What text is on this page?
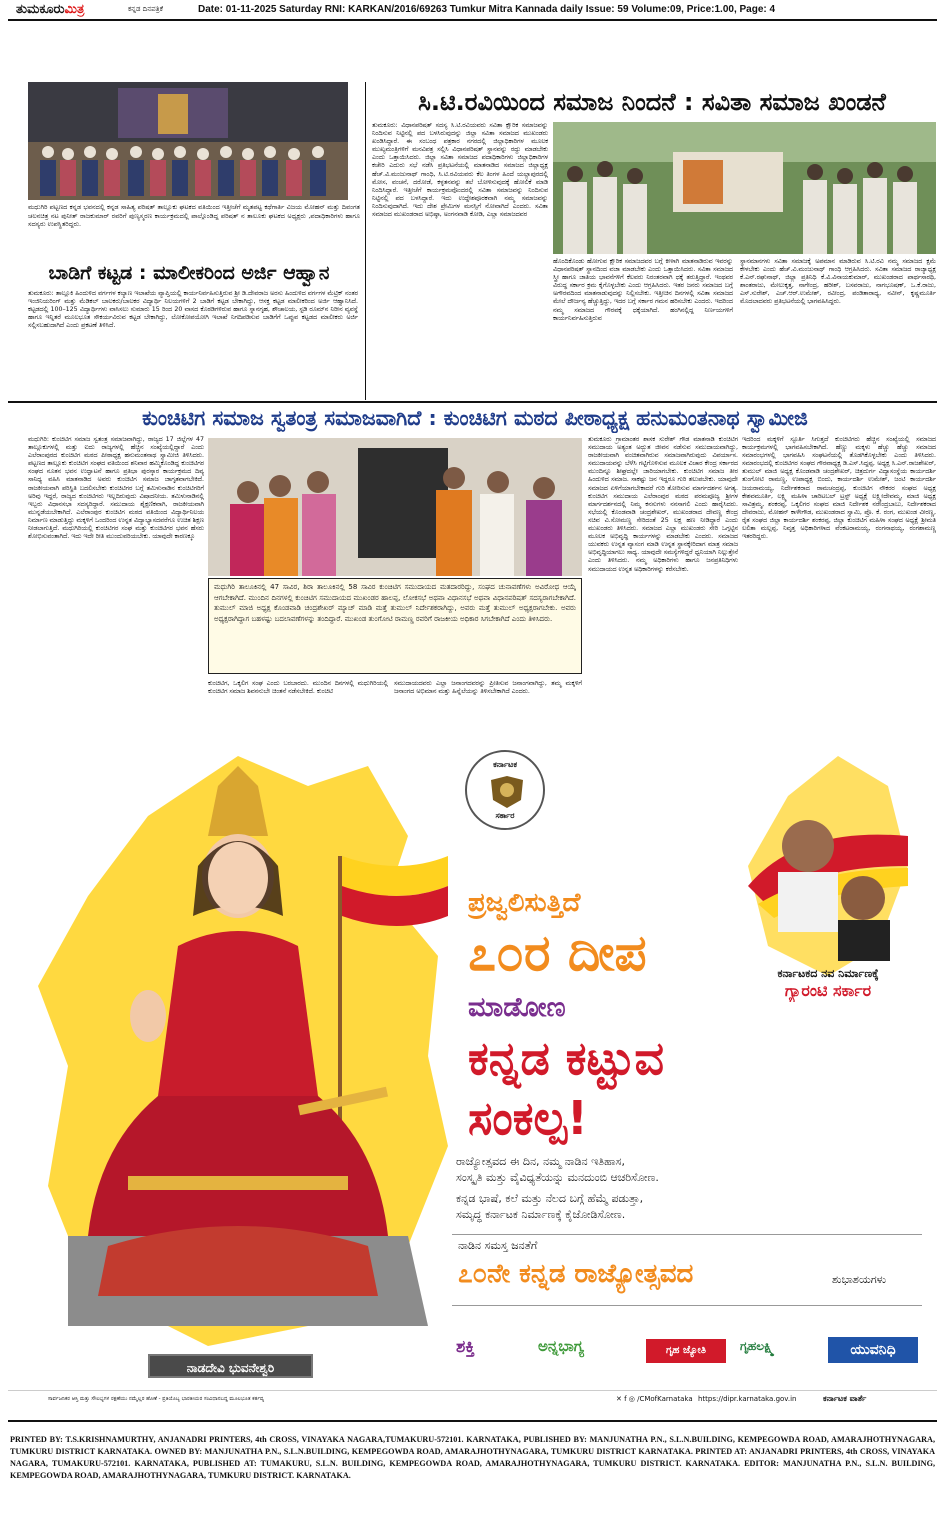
ತುಮಕೂರುಮಿತ್ರ	ಕನ್ನಡ ದಿನಪತ್ರಿಕೆ	Date: 01-11-2025 Saturday RNI: KARKAN/2016/69263 Tumkur Mitra Kannada daily Issue: 59 Volume:09, Price:1.00, Page: 4
ಮಧುಗಿರಿ ಪಟ್ಟಣದ ಕನ್ನಡ ಭವನದಲ್ಲಿ ಕನ್ನಡ ಸಾಹಿತ್ಯ ಪರಿಷತ್ ತಾಲ್ಲೂಕು ಘಟಕದ ವತಿಯಿಂದ ಇತ್ತೀಚೆಗೆ ಮೃತಪಟ್ಟ ಕಥೆಗಾರ್ತಿ ವಿಜಯ ಮೋಹನ್ ಮತ್ತು ದಿವಂಗತ ಚಲನಚಿತ್ರ ನಟ ಪುನೀತ್ ರಾಜಕುಮಾರ್ ರವರಿಗೆ ಪುಣ್ಯಸ್ಮರಣ ಕಾರ್ಯಕ್ರಮದಲ್ಲಿ ಪಾಲ್ಗೊಂಡಿದ್ದ ಪರಿಷತ್ ನ ತಾಲೂಕು ಘಟಕದ ಅಧ್ಯಕ್ಷರು ,ಪದಾಧಿಕಾರಿಗಳು ಹಾಗೂ ಸದಸ್ಯರು ಉಪಸ್ಥಿತರಿದ್ದರು.
ಬಾಡಿಗೆ ಕಟ್ಟಡ : ಮಾಲೀಕರಿಂದ ಅರ್ಜಿ ಆಹ್ವಾನ
ತುಮಕೂರು: ತಾಲ್ಲೂಕಿ ಹಿಂದುಳಿದ ವರ್ಗಗಳ ಕಲ್ಯಾಣ ಇಲಾಖೆಯ ವ್ಯಾಪ್ತಿಯಲ್ಲಿ ಕಾರ್ಯನಿರ್ವಹಿಸುತ್ತಿರುವ ಶ್ರೀ ಡಿ.ದೇವರಾಜ ಅರಸು ಹಿಂದುಳಿದ ವರ್ಗಗಳ ಮೆಟ್ರಿಕ್ ನಂತರ ಇಂಜಿನಿಯರಿಂಗ್ ಮತ್ತು ಮೆಡಿಕಲ್ ಬಾಲಕರು/ಬಾಲಕರ ವಿದ್ಯಾರ್ಥಿ ನಿಲಯಗಳಿಗೆ 2 ಬಾಡಿಗೆ ಕಟ್ಟಡ ಬೇಕಾಗಿದ್ದು, ಆಸಕ್ತ ಕಟ್ಟಡ ಮಾಲೀಕರಿಂದ ಅರ್ಜಿ ಆಹ್ವಾನಿಸಿದೆ. ಕಟ್ಟಡದಲ್ಲಿ 100–125 ವಿದ್ಯಾರ್ಥಿಗಳು ವಾಸಿಸಲು ಸುಮಾರು 15 ರಿಂದ 20 ವಾಸದ ಕೊಠಡಿಗಳಿರುವ ಹಾಗೂ ಸ್ನಾನಗೃಹ, ಶೌಚಾಲಯ, ಸ್ಟಡಿ ರೂಮ್‌ನ ನಿರೀನ ವ್ಯವಸ್ಥೆ ಹಾಗೂ ಇನ್ನಿತರೆ ಮೂಲಭೂತ ಸೌಕರ್ಯವಿರುವ ಕಟ್ಟಡ ಬೇಕಾಗಿದ್ದು, ಲೋಕೋಪಯೋಗಿ ಇಲಾಖೆ ನಿಗದಿಪಡಿಸುವ ಬಾಡಿಗೆಗೆ ಒಪ್ಪುವ ಕಟ್ಟಡದ ಮಾಲೀಕರು ಅರ್ಜಿ ಸಲ್ಲಿಸಬಹುದಾಗಿದೆ ಎಂದು ಪ್ರಕಟಣೆ ತಿಳಿಸಿದೆ.
ಸಿ.ಟಿ.ರವಿಯಿಂದ ಸಮಾಜ ನಿಂದನೆ : ಸವಿತಾ ಸಮಾಜ ಖಂಡನೆ
ತುಮಕೂರು: ವಿಧಾನಪರಿಷತ್ ಸದಸ್ಯ ಸಿ.ಟಿ.ರವಿಯವರು ಸವಿತಾ ಕ್ಷೌರಿಕ ಸಮಾಜವನ್ನು ನಿಂದಿಸುವ ನಿಟ್ಟಿನಲ್ಲಿ ಪದ ಬಳಸಿರುವುದನ್ನು ಜಿಲ್ಲಾ ಸವಿತಾ ಸಮಾಜದ ಮುಖಂಡರು ಖಂಡಿಸಿದ್ದಾರೆ. ಈ ಸಂಬಂಧ ಪತ್ರಕಾರ ನಗರದಲ್ಲಿ ಜಿಲ್ಲಾಧಿಕಾರಿಗಳ ಮೂಲಕ ಮುಖ್ಯಮಂತ್ರಿಗಳಿಗೆ ಮನವಿಪತ್ರ ಸಲ್ಲಿಸಿ ವಿಧಾನಪರಿಷತ್ ಸ್ಥಾನವನ್ನು ರದ್ದು ಮಾಡಬೇಕು ಎಂದು ಒತ್ತಾಯಿಸಿದರು. ಜಿಲ್ಲಾ ಸವಿತಾ ಸಮಾಜದ ಪದಾಧಿಕಾರಿಗಳು ಜಿಲ್ಲಾಧಿಕಾರಿಗಳ ಕಚೇರಿ ಎದುರು ಸಭೆ ನಡೆಸಿ ಪ್ರತಿಭಟನೆಯಲ್ಲಿ ಮಾತನಾಡಿದ ಸಮಾಜದ ಜಿಲ್ಲಾಧ್ಯಕ್ಷ ಹೆಚ್.ವಿ.ಮಂಜುನಾಥ್ ಗಾಂಧಿ, ಸಿ.ಟಿ.ರವಿಯವರು ಕೆಲ ತಿಂಗಳ ಹಿಂದೆ ಯಲ್ಲಾಪುರದಲ್ಲಿ ಮೋಸ, ವಂಚನೆ, ದರೋಡೆ, ಕಳ್ಳತನವನ್ನು ತಲೆ ಬೋಳಿಸುವುದಕ್ಕೆ ಹೋಲಿಕೆ ಮಾಡಿ ನಿಂದಿಸಿದ್ದಾರೆ. ಇತ್ತೀಚೆಗೆ ಕಾರ್ಯಕ್ರಮವೊಂದರಲ್ಲಿ ಸವಿತಾ ಸಮಾಜವನ್ನು ನಿಂದಿಸುವ ನಿಟ್ಟಿನಲ್ಲಿ ಪದ ಬಳಸಿದ್ದಾರೆ. ಇದು ಉದ್ದೇಶಪೂರಕವಾಗಿ ನಮ್ಮ ಸಮಾಜವನ್ನು ನಿಂದಿಸುವುದಾಗಿದೆ. ಇದು ದೇಶ ಪ್ರೇಮಿಗಳ ಮನಸ್ಸಿಗೆ ನೋವಾಗಿದೆ ಎಂದರು. ಸವಿತಾ ಸಮಾಜದ ಮುಖಂಡರಾದ ಅಭಿಷ್ಠಾ, ಅಂಗನವಾಡಿ ಕೋಡಿ, ಎಲ್ಲಾ ಸಮಾಜದವರ
ಹೊಂದಿಕೊಂಡು ಹೋಗುವ ಕ್ಷೌರಿಕ ಸಮಾಜದವರ ಬಗ್ಗೆ ಕೀಳಾಗಿ ಮಾತನಾಡಿರುವ ಇವರನ್ನು ವಿಧಾನಪರಿಷತ್ ಸ್ಥಾನದಿಂದ ವಜಾ ಮಾಡಬೇಕು ಎಂದು ಒತ್ತಾಯಿಸಿದರು. ಸವಿತಾ ಸಮಾಜದ ಸ್ತ್ರೀ ಹಾಗೂ ಜಾತಿಯ ಭಾವನೆಗಳಿಗೆ ಕೆಲವರು ನಿರಂತರವಾಗಿ ಧಕ್ಕೆ ತರುತ್ತಿದ್ದಾರೆ. ಇಂಥವರ ವಿರುದ್ಧ ಸರ್ಕಾರ ಕ್ರಮ ಕೈಗೊಳ್ಳಬೇಕು ಎಂದು ಆಗ್ರಹಿಸಿದರು. ಇತರ ಜನರು ಸಮಾಜದ ಬಗ್ಗೆ ಅಗೌರವದಿಂದ ಮಾತನಾಡುವುದನ್ನು ನಿಲ್ಲಿಸಬೇಕು. ಇತ್ತೀಚಿನ ದಿನಗಳಲ್ಲಿ ಸವಿತಾ ಸಮಾಜದ ಮೇಲೆ ದೌರ್ಜನ್ಯ ಹೆಚ್ಚುತ್ತಿದ್ದು, ಇದರ ಬಗ್ಗೆ ಸರ್ಕಾರ ಗಮನ ಹರಿಸಬೇಕು ಎಂದರು. ಇದರಿಂದ ನಮ್ಮ ಸಮಾಜದ ಗೌರವಕ್ಕೆ ಧಕ್ಕೆಯಾಗಿದೆ. ಹಂಗಿನಲ್ಲಿದ್ದ ನಿರ್ಣಯಗಳಿಗೆ ಕಾರ್ಯನಿರ್ವಹಿಸುತ್ತಿರುವ
ಸ್ಥಾನಮಾನಗಳು ಸವಿತಾ ಸಮಾಜಕ್ಕೆ ಅಪಮಾನ ಮಾಡಿರುವ ಸಿ.ಟಿ.ರವಿ ನಮ್ಮ ಸಮಾಜದ ಕ್ಷಮೆ ಕೇಳಬೇಕು ಎಂದು ಹೆಚ್.ವಿ.ಮಂಜುನಾಥ್ ಗಾಂಧಿ ಆಗ್ರಹಿಸಿದರು. ಸವಿತಾ ಸಮಾಜದ ರಾಜ್ಯಾಧ್ಯಕ್ಷ ಕೆ.ಎನ್.ರಘುನಾಥ್, ಜಿಲ್ಲಾ ಪ್ರತಿನಿಧಿ ಕೆ.ವಿ.ವಿನಾಯಕುಮಾರ್, ಮುಖಂಡರಾದ ಪಾರ್ಥಸಾರಥಿ, ಶಾಂತರಾಜು, ಮೇಲುಕ್ಕತ್ತ, ನಾಗೇಂದ್ರ, ಹರೀಶ್, ಬಸವರಾಜು, ನಾಗಭೂಷಣ್, ಒ.ಕೆ.ರಾಜು, ಎಸ್.ಸುರೇಶ್, ಎಚ್.ಆರ್.ಉಮೇಶ್, ರವೀಂದ್ರ, ಪಂಡಿತಾರಾಧ್ಯ, ನವೀನ್, ಕೃಷ್ಣಮೂರ್ತಿ ಮೊದಲಾದವರು ಪ್ರತಿಭಟನೆಯಲ್ಲಿ ಭಾಗವಹಿಸಿದ್ದರು.
ಕುಂಚಿಟಿಗ ಸಮಾಜ ಸ್ವತಂತ್ರ ಸಮಾಜವಾಗಿದೆ : ಕುಂಚಿಟಿಗ ಮಠದ ಪೀಠಾಧ್ಯಕ್ಷ ಹನುಮಂತನಾಥ ಸ್ವಾಮೀಜಿ
ಮಧುಗಿರಿ: ಕುಂಚಿಟಿಗ ಸಮಾಜ ಸ್ವತಂತ್ರ ಸಮಾಜವಾಗಿದ್ದು, ರಾಜ್ಯದ 17 ಜಿಲ್ಲೆಗಳ 47 ತಾಲ್ಲೂಕುಗಳಲ್ಲಿ ಮತ್ತು ಐದು ರಾಜ್ಯಗಳಲ್ಲಿ ಹೆಚ್ಚಿನ ಸಂಖ್ಯೆಯಲ್ಲಿದ್ದಾರೆ ಎಂದು ಎಲೆರಾಂಪುರದ ಕುಂಚಿಟಿಗ ಮಠದ ಪೀಠಾಧ್ಯಕ್ಷ ಹನುಮಂತನಾಥ ಸ್ವಾಮೀಜಿ ತಿಳಿಸಿದರು. ಪಟ್ಟಣದ ತಾಲ್ಲೂಕು ಕುಂಚಿಟಿಗ ಸಂಘದ ವತಿಯಿಂದ ಶನಿವಾರ ಹಮ್ಮಿಕೊಂಡಿದ್ದ ಕುಂಚಿಟಿಗರ ಸಂಘದ ನೂತನ ಭವನ ಉದ್ಘಾಟನೆ ಹಾಗೂ ಪ್ರತಿಭಾ ಪುರಸ್ಕಾರ ಕಾರ್ಯಕ್ರಮದ ದಿವ್ಯ ಸಾನಿಧ್ಯ ವಹಿಸಿ ಮಾತನಾಡಿದ ಅವರು ಕುಂಚಿಟಿಗ ಸಮಾಜ ಜಾಗೃತವಾಗಬೇಕಿದೆ. ರಾಜಕೀಯವಾಗಿ ಪರಿಸ್ಥಿತಿ ಬದಲಿಸಬೇಕು ಕುಂಚಿಟಿಗರ ಬಗ್ಗೆ ತಮಿಳುನಾಡಿನ ಕುಂಚಿಟಿಗರಿಗೆ ಅರಿವು ಇದ್ದರೆ, ರಾಜ್ಯದ ಕುಂಚಿಟಿಗರು ಇಲ್ಲದಿರುವುದು ವಿಷಾದನೀಯ. ತಮಿಳುನಾಡಿನಲ್ಲಿ ಇಬ್ಬರು ವಿಧಾನಸಭಾ ಸದಸ್ಯರಿದ್ದಾರೆ. ಸಮುದಾಯ ಶೈಕ್ಷಣಿಕವಾಗಿ, ರಾಜಕೀಯವಾಗಿ ಮುನ್ನಡೆಯಬೇಕಾಗಿದೆ. ಎಲೆರಾಂಪುರ ಕುಂಚಿಟಿಗ ಮಠದ ವತಿಯಿಂದ ವಿದ್ಯಾರ್ಥಿನಿಲಯ ನಿರ್ಮಾಣ ಮಾಡುತ್ತಿದ್ದು ಮಕ್ಕಳಿಗೆ ಒಂದರಿಂದ ಉನ್ನತ ವಿದ್ಯಾಭ್ಯಾಸದವರೆಗೂ ಉಚಿತ ಶಿಕ್ಷಣ ನೀಡಲಾಗುತ್ತಿದೆ. ಮಧುಗಿರಿಯಲ್ಲಿ ಕುಂಚಿಟಿಗರ ಸಂಘ ಮತ್ತು ಕುಂಚಿಟಿಗರ ಭವನ ಹೆಸರು ಶೋಭಿಸುವಂತಾಗಿದೆ. ಇದು ಇದೇ ರೀತಿ ಮುಂದುವರಿಯಬೇಕು. ಯಾವುದೇ ಕಾರಣಕ್ಕೂ
ಮಧುಗಿರಿ ತಾಲೂಕಿನಲ್ಲಿ 47 ಸಾವಿರ, ಶಿರಾ ತಾಲೂಕಿನಲ್ಲಿ 58 ಸಾವಿರ ಕುಂಚಿಟಿಗ ಸಮುದಾಯದ ಮತದಾರರಿದ್ದು, ಸಂಘದ ಚುನಾವಣೆಗಳು ಅವಿರೋಧ ಆಯ್ಕೆ ಆಗಬೇಕಾಗಿದೆ. ಮುಂದಿನ ದಿನಗಳಲ್ಲಿ ಕುಂಚಿಟಿಗ ಸಮುದಾಯದ ಮುಖಂಡರ ಹಾಲಪ್ಪ, ಲೋಕಸಭೆ ಅಥವಾ ವಿಧಾನಸಭೆ ಅಥವಾ ವಿಧಾನಪರಿಷತ್ ಸದಸ್ಯರಾಗಬೇಕಾಗಿದೆ. ತುಮುಲ್ ಮಾಜಿ ಅಧ್ಯಕ್ಷ ಕೊಂಡವಾಡಿ ಚಂದ್ರಶೇಖರ್ ಮ್ಯಾಚ್ ಮಾಡಿ ಮತ್ತೆ ತುಮುಲ್ ನಿರ್ದೇಶಕರಾಗಿದ್ದು, ಅವರು ಮತ್ತೆ ತುಮುಲ್ ಅಧ್ಯಕ್ಷರಾಗಬೇಕು. ಅವರು ಅಧ್ಯಕ್ಷರಾಗಿದ್ದಾಗ ಬಹಳಷ್ಟು ಬದಲಾವಣೆಗಳನ್ನು ತಂದಿದ್ದಾರೆ. ಮುಖಂಡ ತುಂಗೋಟಿ ರಾಮಣ್ಣ ರವರಿಗೆ ರಾಜಕೀಯ ಅಧಿಕಾರ ಸಿಗಬೇಕಾಗಿದೆ ಎಂದು ತಿಳಿಸಿದರು.
ಕುಂಚಿಟಿಗ, ಒಕ್ಕಲಿಗ ಸಂಘ ಎಂದು ಬರಬಾರದು. ಮುಂದಿನ ದಿನಗಳಲ್ಲಿ ಮಧುಗಿರಿಯಲ್ಲಿ ಕುಂಚಿಟಿಗ ಸಮಾಜ ಶಿವನನುಬೇ ಚಿಂತನೆ ನಡೆಸಬೇಕಿದೆ. ಕುಂಚಿಟಿ
ಸಮುದಾಯದವರು ಎಲ್ಲಾ ಜನಾಂಗದವರನ್ನು ಪ್ರೀತಿಸುವ ಜನಾಂಗವಾಗಿದ್ದು, ತಮ್ಮ ಮಕ್ಕಳಿಗೆ ಜನಾಂಗದ ಅಭಿಮಾನ ಮತ್ತು ಹಿನ್ನೆಲೆಯನ್ನು ತಿಳಿಸಬೇಕಾಗಿದೆ ಎಂದರು.
ತುಮಕೂರು ಗ್ರಾಮಾಂತರ ಶಾಸಕ ಸುರೇಶ್ ಗೌಡ ಮಾತನಾಡಿ ಕುಂಚಿಟಿಗ ಸಮುದಾಯ ಅತ್ಯಂತ ಅದ್ಭುತ ಜೀವನ ನಡೆಸುವ ಸಮುದಾಯವಾಗಿದ್ದು, ರಾಜಕೀಯವಾಗಿ ವಂಚಿತವಾಗಿರುವ ಸಮಾಜವಾಗಿರುವುದು ವಿಪರ್ಯಾಸ. ಸಮುದಾಯವನ್ನು ಬೆಳೆಸಿ ಗಟ್ಟಿಗೊಳಿಸುವ ಮೂಲಕ ವಿಚಾರ ಕೇಂದ್ರ ಸರ್ಕಾರದ ಮುಂದಿನ್ನೂ ಶೀಘ್ರದಲ್ಲೇ ಜಾರಿಯಾಗಬೇಕು. ಕುಂಚಿಟಿಗ ಸಮಾಜ ತೀರ ಹಿಂದುಳಿದ ಸಮಾಜ. ಸಾಕಷ್ಟು ಜನ ಇದ್ದರೂ ಗುರಿ ತಲುಪಬೇಕು. ಯಾವುದೇ ಸಮಾಜದ ಏಳಿಗೆಯಾಗಬೇಕಾದರೆ ಗುರಿ ತೋರಿಸುವ ಮಾರ್ಗದರ್ಶನ ಅಗತ್ಯ. ಕುಂಚಿಟಿಗ ಸಮುದಾಯ ಎಲೆರಾಂಪುರ ಮಠದ ಪರಮಪೂಜ್ಯ ಶ್ರೀಗಳ ಮಾರ್ಗದರ್ಶನದಲ್ಲಿ ನಿಮ್ಮ ಕನಸುಗಳು ನನಸಾಗಲಿ ಎಂದು ಹಾರೈಸಿದರು. ಸಭೆಯಲ್ಲಿ ಕೊಂಡವಾಡಿ ಚಂದ್ರಶೇಖರ್, ಮುಖಂಡರಾದ ದೇವಣ್ಣ ಕೇಂದ್ರ ಸಚಿವ ವಿ.ಸೋಮಣ್ಣ ಸೇರಿದಂತೆ 25 ಲಕ್ಷ ಹಣ ನೀಡಿದ್ದಾರೆ ಎಂದು ಮುಖಂಡರು ತಿಳಿಸಿದರು. ಸಮಾಜದ ಎಲ್ಲಾ ಮುಖಂಡರು ಸೇರಿ ಒಗ್ಗಟ್ಟಿನ ಮೂಲಕ ಅಭಿವೃದ್ಧಿ ಕಾರ್ಯಗಳನ್ನು ಮಾಡಬೇಕು ಎಂದರು. ಸಮಾಜದ ಯುವಕರು ಉನ್ನತ ವ್ಯಾಸಂಗ ಮಾಡಿ ಉನ್ನತ ಸ್ಥಾನಕ್ಕೇರಿದಾಗ ಮಾತ್ರ ಸಮಾಜ ಅಭಿವೃದ್ಧಿಯಾಗಲು ಸಾಧ್ಯ. ಯಾವುದೇ ಸಮಸ್ಯೆಗಳಿದ್ದರೆ ಧ್ವನಿಯಾಗಿ ನಿಲ್ಲುತ್ತೇನೆ ಎಂದು ತಿಳಿಸಿದರು. ನಮ್ಮ ಅಧಿಕಾರಿಗಳು ಹಾಗೂ ಜನಪ್ರತಿನಿಧಿಗಳು ಸಮುದಾಯದ ಉನ್ನತ ಅಧಿಕಾರಿಗಳನ್ನು ಕರೆಸಬೇಕು.
ಇದರಿಂದ ಮಕ್ಕಳಿಗೆ ಸ್ಫೂರ್ತಿ ಸಿಗುತ್ತದೆ ಕುಂಚಿಟಿಗರು ಹೆಚ್ಚಿನ ಸಂಖ್ಯೆಯಲ್ಲಿ ಸಮಾಜದ ಕಾರ್ಯಕ್ರಮಗಳಲ್ಲಿ ಭಾಗವಹಿಸಬೇಕಾಗಿದೆ. ಹೆಣ್ಣು ಮಕ್ಕಳು ಹೆಚ್ಚು ಹೆಚ್ಚು ಸಮಾಜದ ಸಮಾರಂಭಗಳಲ್ಲಿ ಭಾಗವಹಿಸಿ ಸಂಘಟನೆಯಲ್ಲಿ ತೊಡಗಿಕೊಳ್ಳಬೇಕು ಎಂದು ತಿಳಿಸಿದರು. ಸಮಾರಂಭದಲ್ಲಿ ಕುಂಚಿಟಿಗರ ಸಂಘದ ಗೌರವಾಧ್ಯಕ್ಷ ಡಿ.ಎಸ್.ಸಿದ್ದಪ್ಪ, ಅಧ್ಯಕ್ಷ ಸಿ.ಎನ್.ರಾಜಶೇಖರ್, ತುಮುಲ್ ಮಾಜಿ ಅಧ್ಯಕ್ಷ ಕೊಂಡವಾಡಿ ಚಂದ್ರಶೇಖರ್, ಚಿತ್ರದುರ್ಗ ವಿದ್ಯಾಸಂಸ್ಥೆಯ ಕಾರ್ಯದರ್ಶಿ ತುಂಗೋಟಿ ರಾಮಣ್ಣ, ಉಪಾಧ್ಯಕ್ಷ ಬಿಂದು, ಕಾರ್ಯದರ್ಶಿ ಉಮೇಶ್, ಜಂಟಿ ಕಾರ್ಯದರ್ಶಿ ಜಯರಾಮಯ್ಯ, ನಿರ್ದೇಶಕರಾದ ರಾಮಚಂದ್ರಪ್ಪ, ಕುಂಚಿಟಿಗ ನೌಕರರ ಸಂಘದ ಅಧ್ಯಕ್ಷ ಕೇಶವಮೂರ್ತಿ, ಲಕ್ಷ್ಮಿ ಮಹಿಳಾ ಚಾರಿಟಬಲ್ ಟ್ರಸ್ಟ್ ಅಧ್ಯಕ್ಷೆ ಲಕ್ಷ್ಮೀದೇವಮ್ಮ, ಮಾಜಿ ಅಧ್ಯಕ್ಷ ಸಾವಿತ್ರಮ್ಮ, ಶಂಕರಪ್ಪ, ಒಕ್ಕಲಿಗರ ಸಂಘದ ಮಾಜಿ ನಿರ್ದೇಶಕ ನರೇಂದ್ರಬಾಬು, ನಿರ್ದೇಶಕರಾದ ದೇವರಾಜು, ಮೋಹನ್ ಕಾಳೇಗೌಡ, ಮುಖಂಡರಾದ ಸ್ವಾಮಿ, ಪ್ರೊ. ಕೆ. ರಂಗ, ಮುಖಂಡ ವೀರಣ್ಣ, ರೈತ ಸಂಘದ ಜಿಲ್ಲಾ ಕಾರ್ಯದರ್ಶಿ ಶಂಕರಪ್ಪ, ಜಿಲ್ಲಾ ಕುಂಚಿಟಿಗ ಮಹಿಳಾ ಸಂಘದ ಅಧ್ಯಕ್ಷೆ ಶ್ರೀಮತಿ ಲಲಿತಾ ಮಲ್ಲಪ್ಪ, ನಿವೃತ್ತ ಅಧಿಕಾರಿಗಳಾದ ವೆಂಕಟರಾಮಯ್ಯ, ರಂಗನಾಥಯ್ಯ, ರಂಗಶಾಮಣ್ಣ ಇತರರಿದ್ದರು.
ನಾಡದೇವಿ ಭುವನೇಶ್ವರಿ
ಕರ್ನಾಟಕ
ಸರ್ಕಾರ
ಪ್ರಜ್ವಲಿಸುತ್ತಿದೆ
೭೦ರ ದೀಪ
ಮಾಡೋಣ
ಕನ್ನಡ ಕಟ್ಟುವ
ಸಂಕಲ್ಪ!
ಕರ್ನಾಟಕದ ನವ ನಿರ್ಮಾಣಕ್ಕೆ
ಗ್ಯಾರಂಟಿ ಸರ್ಕಾರ
ರಾಜ್ಯೋತ್ಸವದ ಈ ದಿನ, ನಮ್ಮ ನಾಡಿನ ಇತಿಹಾಸ,
ಸಂಸ್ಕೃತಿ ಮತ್ತು ವೈವಿಧ್ಯತೆಯನ್ನು ಮನದುಂಬಿ ಆಚರಿಸೋಣ.
ಕನ್ನಡ ಭಾಷೆ, ಕಲೆ ಮತ್ತು ನೆಲದ ಬಗ್ಗೆ ಹೆಮ್ಮೆ ಪಡುತ್ತಾ,
ಸಮೃದ್ಧ ಕರ್ನಾಟಕ ನಿರ್ಮಾಣಕ್ಕೆ ಕೈಜೋಡಿಸೋಣ.
ನಾಡಿನ ಸಮಸ್ತ ಜನತೆಗೆ
೭೦ನೇ ಕನ್ನಡ ರಾಜ್ಯೋತ್ಸವದ	ಶುಭಾಶಯಗಳು
ಶಕ್ತಿ	ಅನ್ನಭಾಗ್ಯ	ಗೃಹ ಜ್ಯೋತಿ	ಗೃಹಲಕ್ಷ್ಮಿ	ಯುವನಿಧಿ
ಸಾರ್ವಜನಿಕರ ಆಸ್ತಿ ಮತ್ತು ಸೌಲಭ್ಯಗಳ ರಕ್ಷಣೆಯು ನಮ್ಮೆಲ್ಲರ ಹೊಣೆ - ಪ್ರತಿಯೊಬ್ಬ ಭಾರತೀಯರ ಸಂವಿಧಾನಬದ್ಧ ಮೂಲಭೂತ ಕರ್ತವ್ಯ	✕ f ◎ /CMofKarnataka https://dipr.karnataka.gov.in	ಕರ್ನಾಟಕ ವಾರ್ತೆ
PRINTED BY: T.S.KRISHNAMURTHY, ANJANADRI PRINTERS, 4th CROSS, VINAYAKA NAGARA,TUMAKURU-572101. KARNATAKA, PUBLISHED BY: MANJUNATHA P.N., S.L.N.BUILDING, KEMPEGOWDA ROAD, AMARAJHOTHYNAGARA, TUMKURU DISTRICT KARNATAKA. OWNED BY: MANJUNATHA P.N., S.L.N.BUILDING, KEMPEGOWDA ROAD, AMARAJHOTHYNAGARA, TUMKURU DISTRICT KARNATAKA. PRINTED AT: ANJANADRI PRINTERS, 4th CROSS, VINAYAKA NAGARA, TUMAKURU-572101. KARNATAKA, PUBLISHED AT: TUMAKURU, S.L.N. BUILDING, KEMPEGOWDA ROAD, AMARAJHOTHYNAGARA, TUMKURU DISTRICT. KARNATAKA. EDITOR: MANJUNATHA P.N., S.L.N. BUILDING, KEMPEGOWDA ROAD, AMARAJHOTHYNAGARA, TUMKURU DISTRICT. KARNATAKA.
